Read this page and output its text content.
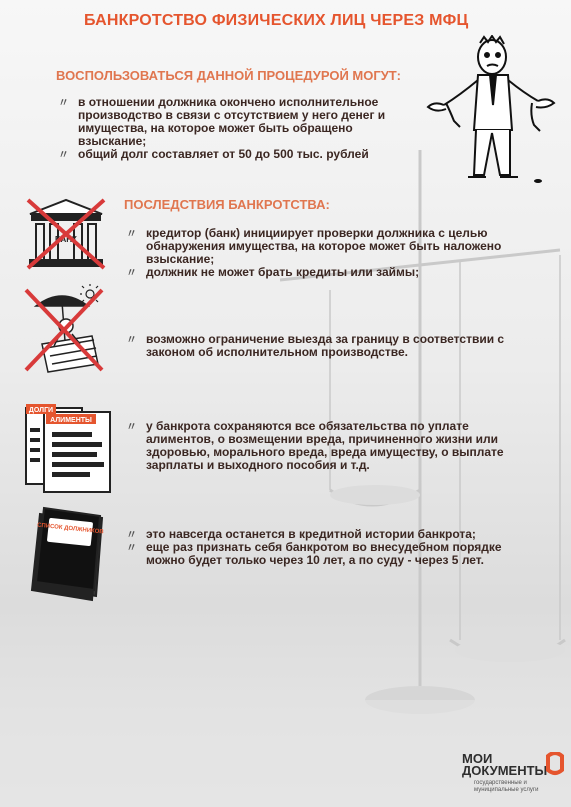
БАНКРОТСТВО ФИЗИЧЕСКИХ ЛИЦ ЧЕРЕЗ МФЦ
ВОСПОЛЬЗОВАТЬСЯ ДАННОЙ ПРОЦЕДУРОЙ МОГУТ:
〃 в отношении должника окончено исполнительное производство в связи с отсутствием у него денег и имущества, на которое может быть обращено взыскание;
〃 общий долг составляет от 50 до 500 тыс. рублей
ПОСЛЕДСТВИЯ БАНКРОТСТВА:
БАНК	〃 кредитор (банк) инициирует проверки должника с целью обнаружения имущества, на которое может быть наложено взыскание;
〃 должник не может брать кредиты или займы;
〃 возможно ограничение выезда за границу в соответствии с законом об исполнительном производстве.
ДОЛГИ
АЛИМЕНТЫ
〃 у банкрота сохраняются все обязательства по уплате алиментов, о возмещении вреда, причиненного жизни или здоровью, морального вреда, вреда имуществу, о выплате зарплаты и выходного пособия и т.д.
СПИСОК ДОЛЖНИКОВ 〃 это навсегда останется в кредитной истории банкрота;
〃 еще раз признать себя банкротом во внесудебном порядке можно будет только через 10 лет, а по суду - через 5 лет.
МОИ
ДОКУМЕНТЫ
государственные и муниципальные услуги
